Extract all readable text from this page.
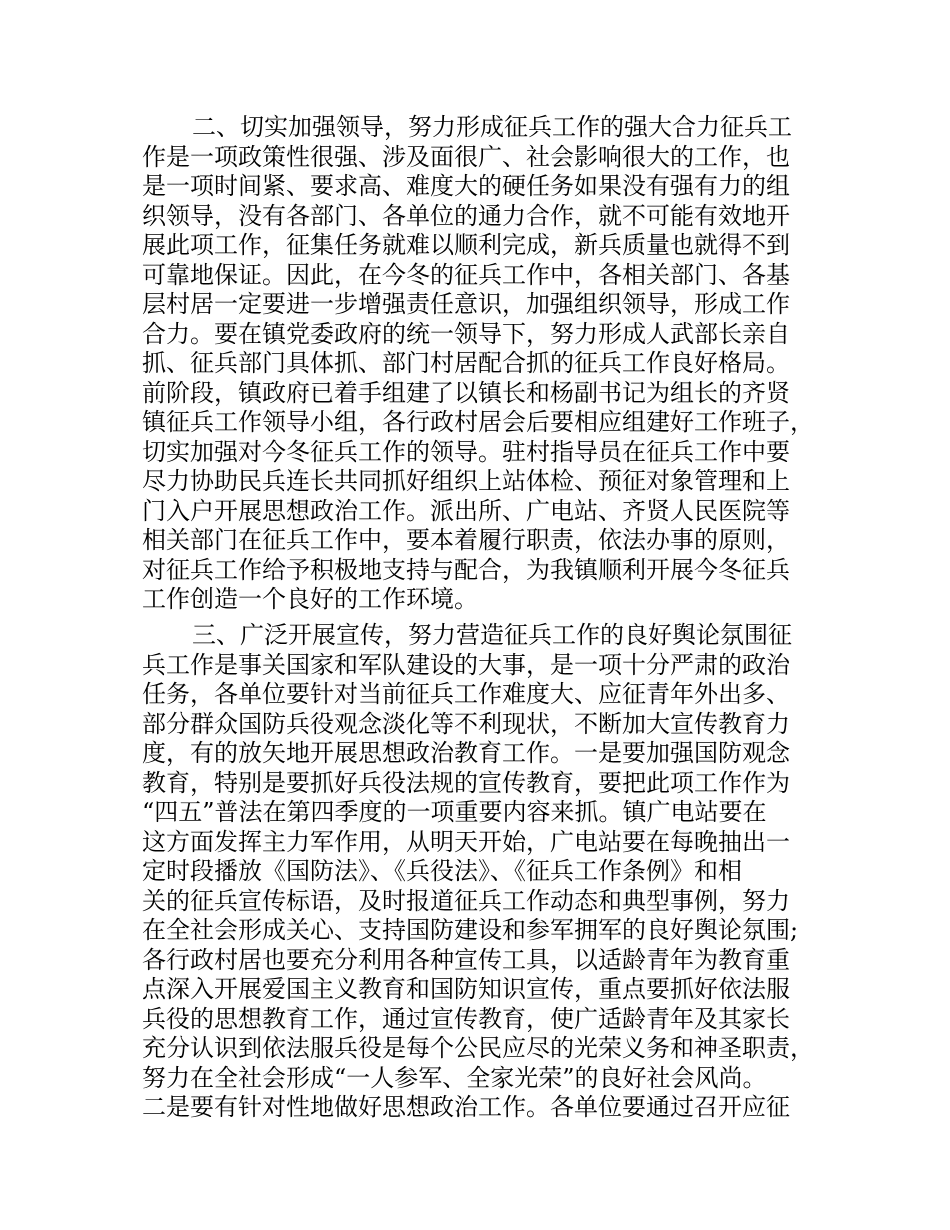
二、切实加强领导，努力形成征兵工作的强大合力征兵工
作是一项政策性很强、涉及面很广、社会影响很大的工作，也
是一项时间紧、要求高、难度大的硬任务如果没有强有力的组
织领导，没有各部门、各单位的通力合作，就不可能有效地开
展此项工作，征集任务就难以顺利完成，新兵质量也就得不到
可靠地保证。因此，在今冬的征兵工作中，各相关部门、各基
层村居一定要进一步增强责任意识，加强组织领导，形成工作
合力。要在镇党委政府的统一领导下，努力形成人武部长亲自
抓、征兵部门具体抓、部门村居配合抓的征兵工作良好格局。
前阶段，镇政府已着手组建了以镇长和杨副书记为组长的齐贤
镇征兵工作领导小组，各行政村居会后要相应组建好工作班子，
切实加强对今冬征兵工作的领导。驻村指导员在征兵工作中要
尽力协助民兵连长共同抓好组织上站体检、预征对象管理和上
门入户开展思想政治工作。派出所、广电站、齐贤人民医院等
相关部门在征兵工作中，要本着履行职责，依法办事的原则，
对征兵工作给予积极地支持与配合，为我镇顺利开展今冬征兵
工作创造一个良好的工作环境。
三、广泛开展宣传，努力营造征兵工作的良好舆论氛围征
兵工作是事关国家和军队建设的大事，是一项十分严肃的政治
任务，各单位要针对当前征兵工作难度大、应征青年外出多、
部分群众国防兵役观念淡化等不利现状，不断加大宣传教育力
度，有的放矢地开展思想政治教育工作。一是要加强国防观念
教育，特别是要抓好兵役法规的宣传教育，要把此项工作作为
“四五”普法在第四季度的一项重要内容来抓。镇广电站要在
这方面发挥主力军作用，从明天开始，广电站要在每晚抽出一
定时段播放《国防法》、《兵役法》、《征兵工作条例》和相
关的征兵宣传标语，及时报道征兵工作动态和典型事例，努力
在全社会形成关心、支持国防建设和参军拥军的良好舆论氛围;
各行政村居也要充分利用各种宣传工具，以适龄青年为教育重
点深入开展爱国主义教育和国防知识宣传，重点要抓好依法服
兵役的思想教育工作，通过宣传教育，使广适龄青年及其家长
充分认识到依法服兵役是每个公民应尽的光荣义务和神圣职责，
努力在全社会形成“一人参军、全家光荣”的良好社会风尚。
二是要有针对性地做好思想政治工作。各单位要通过召开应征
